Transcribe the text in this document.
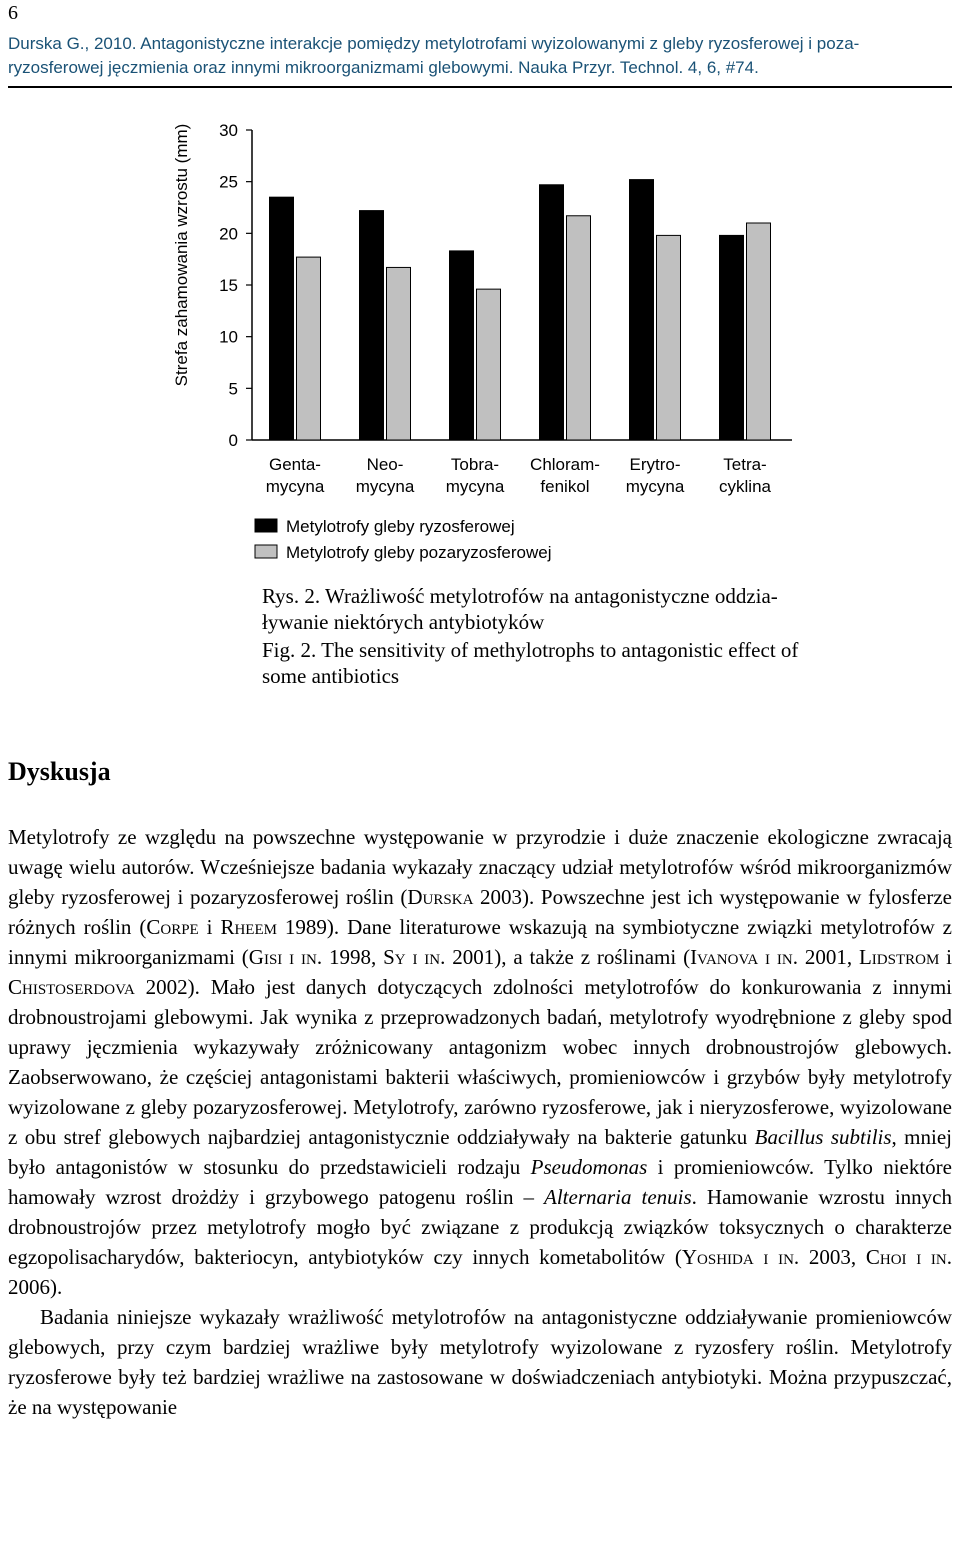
6
Durska G., 2010. Antagonistyczne interakcje pomiędzy metylotrofami wyizolowanymi z gleby ryzosferowej i poza-
ryzosferowej jęczmienia oraz innymi mikroorganizmami glebowymi. Nauka Przyr. Technol. 4, 6, #74.
Strefa zahamowania wzrostu (mm)
0
5
10
15
20
25
30
Genta-
mycyna
Neo-
mycyna
Tobra-
mycyna
Chloram-
fenikol
Erytro-
mycyna
Tetra-
cyklina
Metylotrofy gleby ryzosferowej
Metylotrofy gleby pozaryzosferowej
Rys. 2. Wrażliwość metylotrofów na antagonistyczne oddzia-
ływanie niektórych antybiotyków
Fig. 2. The sensitivity of methylotrophs to antagonistic effect of
some antibiotics
Dyskusja

Metylotrofy ze względu na powszechne występowanie w przyrodzie i duże znaczenie ekologiczne zwracają uwagę wielu autorów. Wcześniejsze badania wykazały znaczący udział metylotrofów wśród mikroorganizmów gleby ryzosferowej i pozaryzosferowej roślin (Durska 2003). Powszechne jest ich występowanie w fylosferze różnych roślin (Corpe i Rheem 1989). Dane literaturowe wskazują na symbiotyczne związki metylotrofów z innymi mikroorganizmami (Gisi i in. 1998, Sy i in. 2001), a także z roślinami (Ivanova i in. 2001, Lidstrom i Chistoserdova 2002). Mało jest danych dotyczących zdolności metylotrofów do konkurowania z innymi drobnoustrojami glebowymi. Jak wynika z przeprowadzonych badań, metylotrofy wyodrębnione z gleby spod uprawy jęczmienia wykazywały zróżnicowany antagonizm wobec innych drobnoustrojów glebowych. Zaobserwowano, że częściej antagonistami bakterii właściwych, promieniowców i grzybów były metylotrofy wyizolowane z gleby pozaryzosferowej. Metylotrofy, zarówno ryzosferowe, jak i nieryzosferowe, wyizolowane z obu stref glebowych najbardziej antagonistycznie oddziaływały na bakterie gatunku Bacillus subtilis, mniej było antagonistów w stosunku do przedstawicieli rodzaju Pseudomonas i promieniowców. Tylko niektóre hamowały wzrost drożdży i grzybowego patogenu roślin – Alternaria tenuis. Hamowanie wzrostu innych drobnoustrojów przez metylotrofy mogło być związane z produkcją związków toksycznych o charakterze egzopolisacharydów, bakteriocyn, antybiotyków czy innych kometabolitów (Yoshida i in. 2003, Choi i in. 2006).

Badania niniejsze wykazały wrażliwość metylotrofów na antagonistyczne oddziaływanie promieniowców glebowych, przy czym bardziej wrażliwe były metylotrofy wyizolowane z ryzosfery roślin. Metylotrofy ryzosferowe były też bardziej wrażliwe na zastosowane w doświadczeniach antybiotyki. Można przypuszczać, że na występowanie
